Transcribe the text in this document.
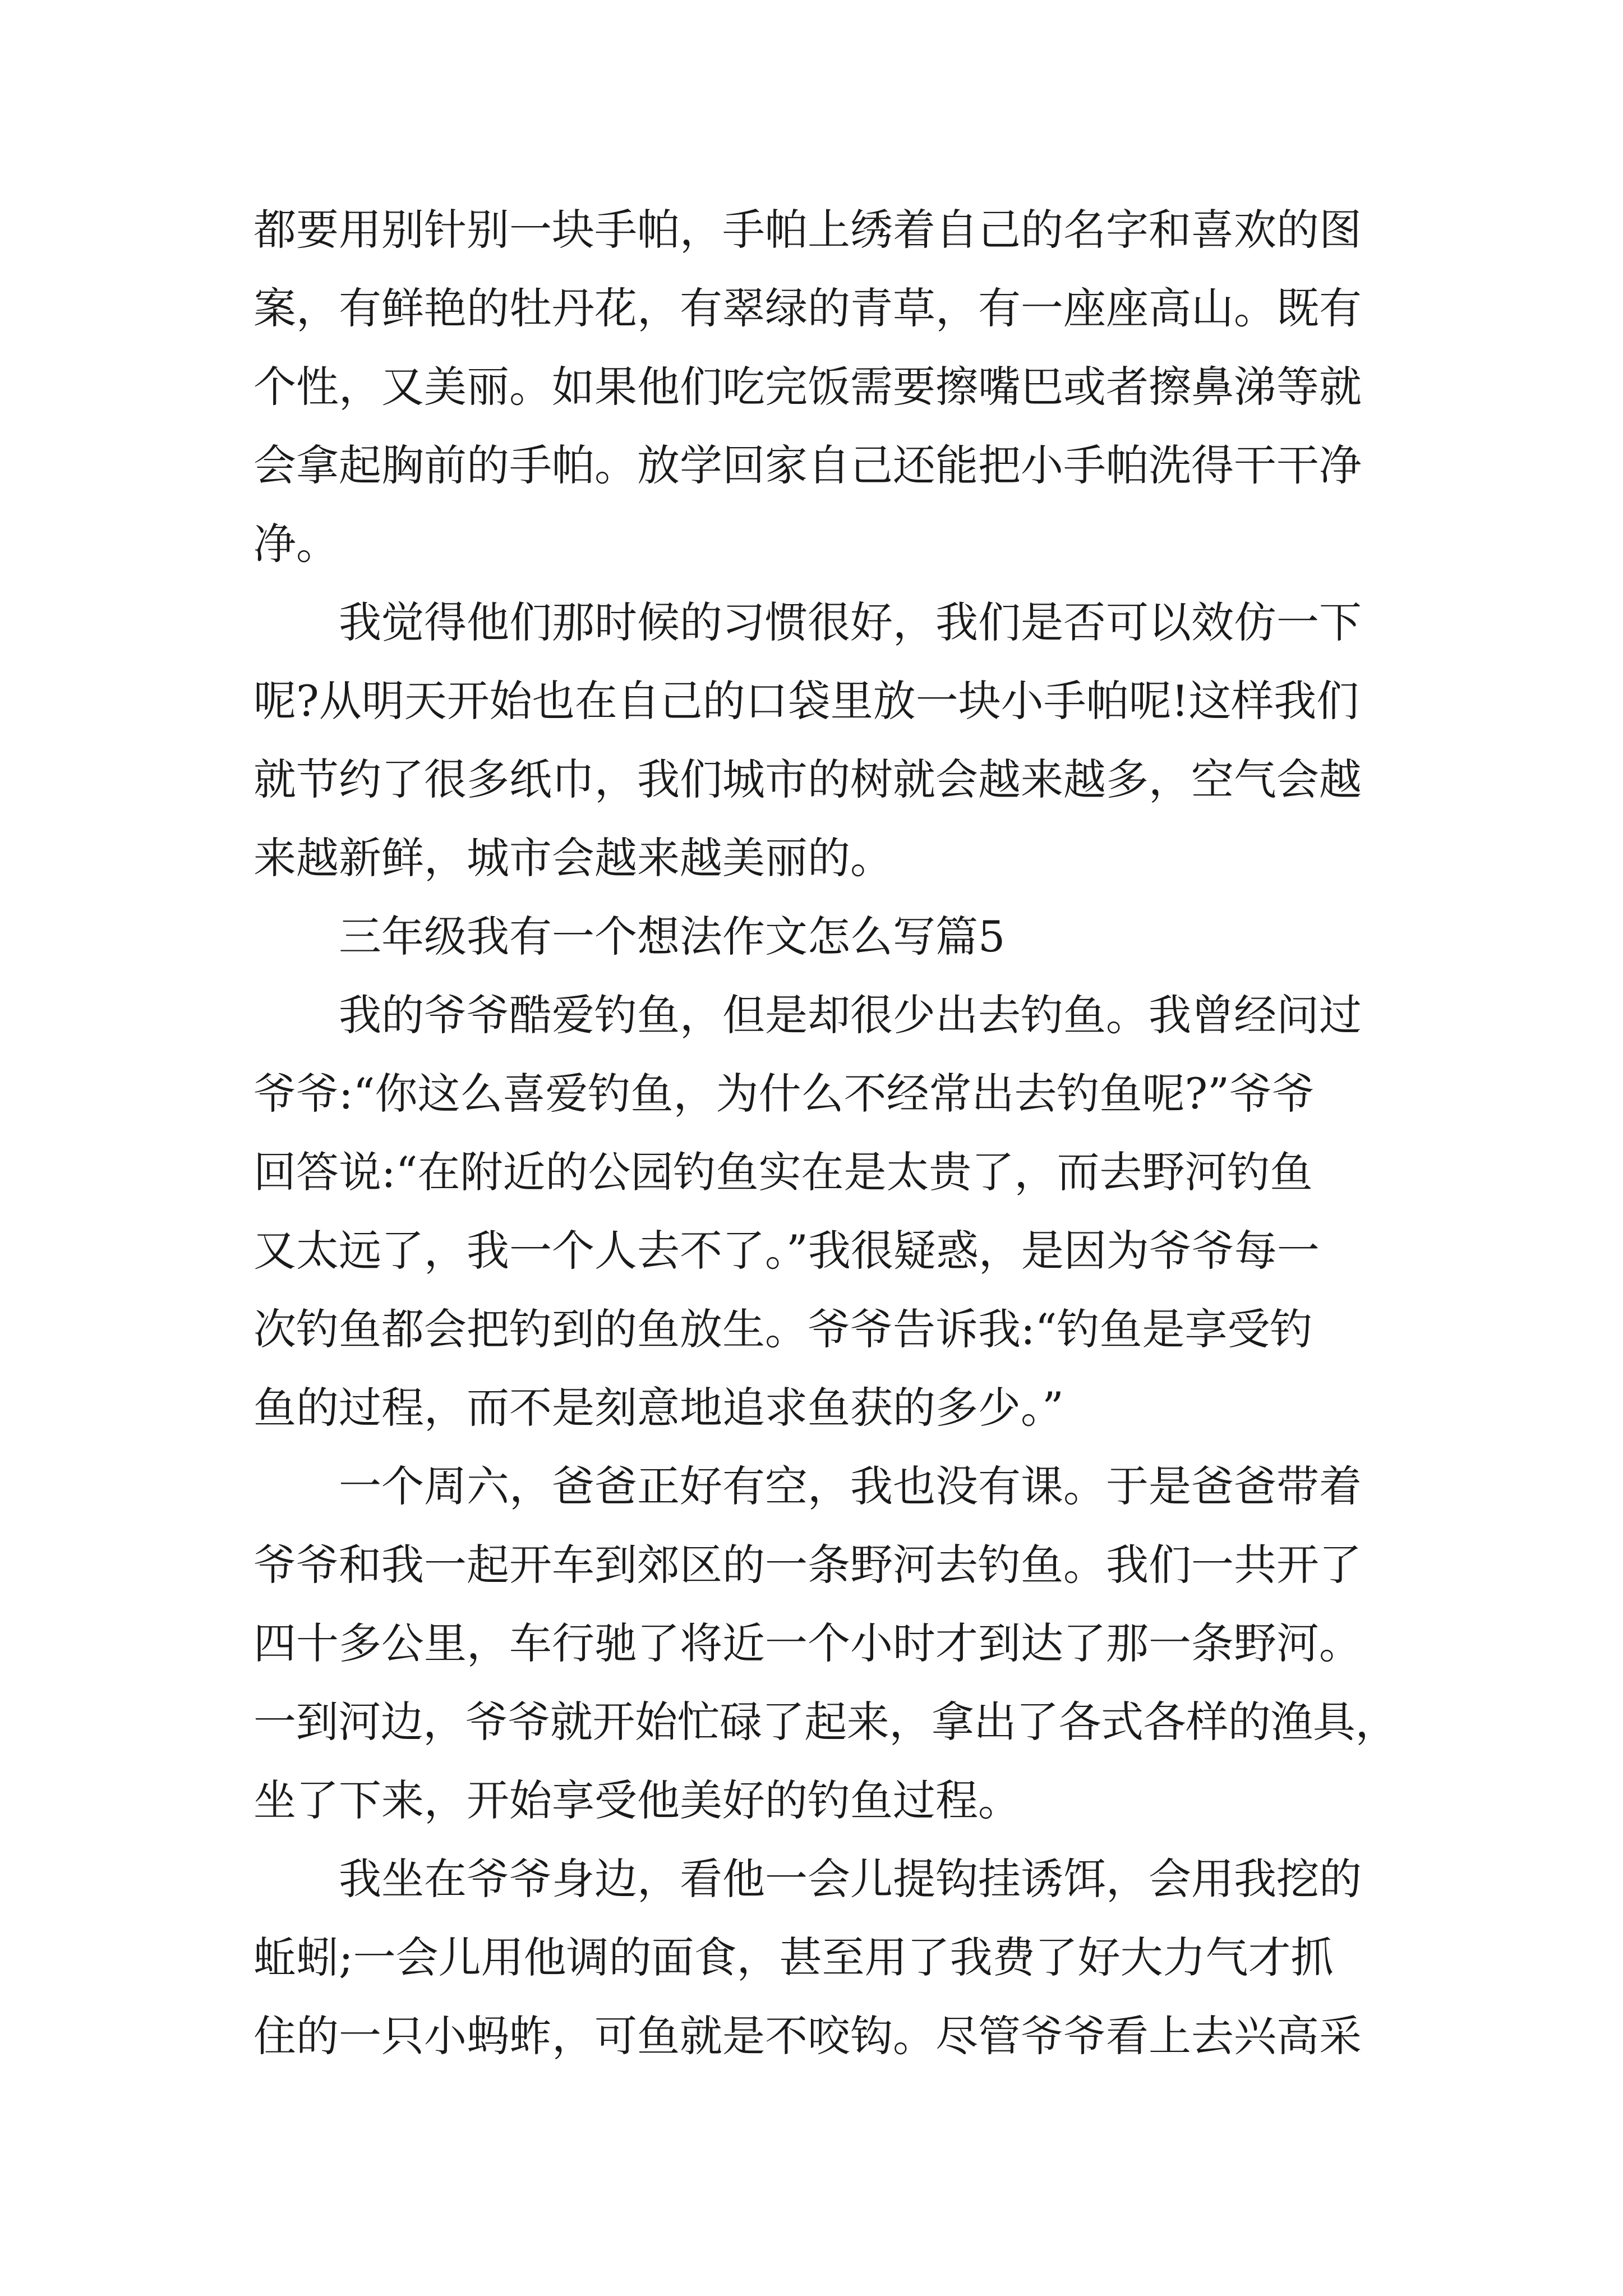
都要用别针别一块手帕，手帕上绣着自己的名字和喜欢的图
案，有鲜艳的牡丹花，有翠绿的青草，有一座座高山。既有
个性，又美丽。如果他们吃完饭需要擦嘴巴或者擦鼻涕等就
会拿起胸前的手帕。放学回家自己还能把小手帕洗得干干净
净。
我觉得他们那时候的习惯很好，我们是否可以效仿一下
呢?从明天开始也在自己的口袋里放一块小手帕呢!这样我们
就节约了很多纸巾，我们城市的树就会越来越多，空气会越
来越新鲜，城市会越来越美丽的。
三年级我有一个想法作文怎么写篇5
我的爷爷酷爱钓鱼，但是却很少出去钓鱼。我曾经问过
爷爷:“你这么喜爱钓鱼，为什么不经常出去钓鱼呢?”爷爷
回答说:“在附近的公园钓鱼实在是太贵了，而去野河钓鱼
又太远了，我一个人去不了。”我很疑惑，是因为爷爷每一
次钓鱼都会把钓到的鱼放生。爷爷告诉我:“钓鱼是享受钓
鱼的过程，而不是刻意地追求鱼获的多少。”
一个周六，爸爸正好有空，我也没有课。于是爸爸带着
爷爷和我一起开车到郊区的一条野河去钓鱼。我们一共开了
四十多公里，车行驰了将近一个小时才到达了那一条野河。
一到河边，爷爷就开始忙碌了起来，拿出了各式各样的渔具，
坐了下来，开始享受他美好的钓鱼过程。
我坐在爷爷身边，看他一会儿提钩挂诱饵，会用我挖的
蚯蚓;一会儿用他调的面食，甚至用了我费了好大力气才抓
住的一只小蚂蚱，可鱼就是不咬钩。尽管爷爷看上去兴高采
